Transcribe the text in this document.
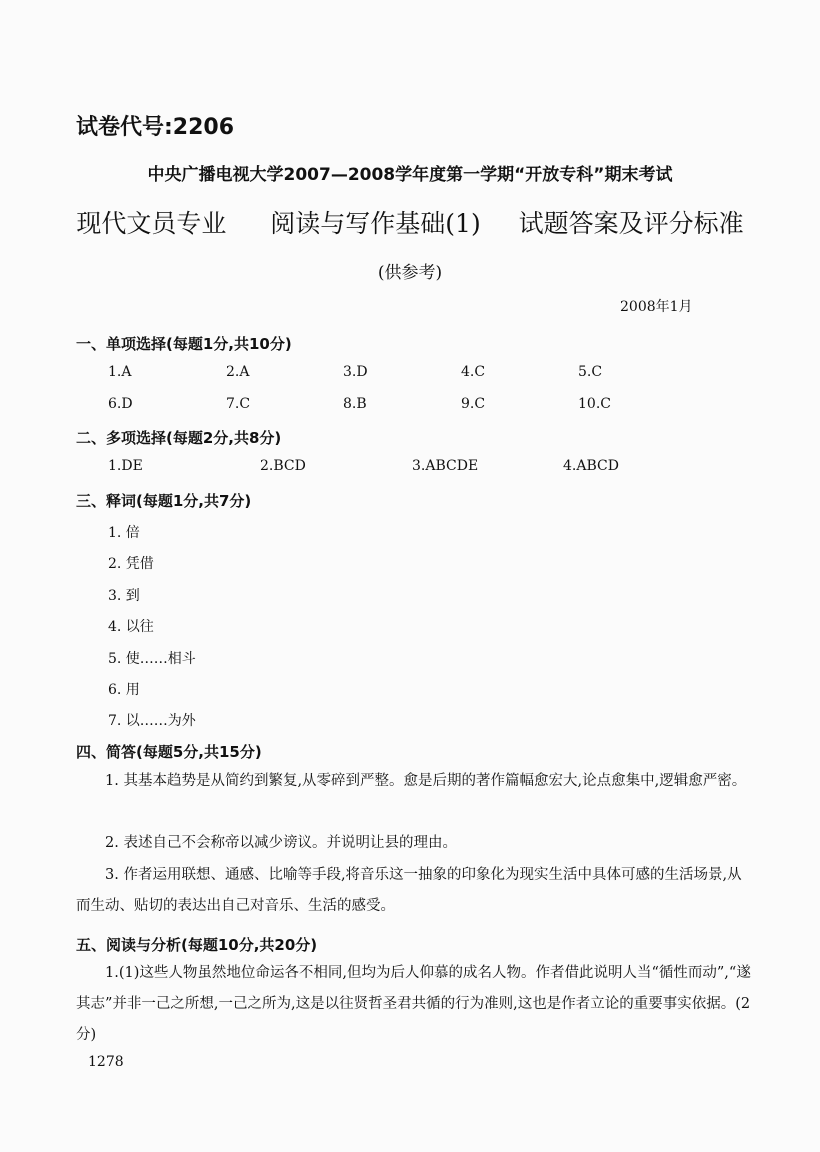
试卷代号:2206
中央广播电视大学2007—2008学年度第一学期“开放专科”期末考试
现代文员专业 阅读与写作基础(1) 试题答案及评分标准
(供参考)
2008年1月
一、单项选择(每题1分,共10分)
1.A	2.A	3.D	4.C	5.C
6.D	7.C	8.B	9.C	10.C
二、多项选择(每题2分,共8分)
1.DE	2.BCD	3.ABCDE	4.ABCD
三、释词(每题1分,共7分)
1. 倍
2. 凭借
3. 到
4. 以往
5. 使……相斗
6. 用
7. 以……为外
四、简答(每题5分,共15分)
1. 其基本趋势是从简约到繁复,从零碎到严整。愈是后期的著作篇幅愈宏大,论点愈集中,逻辑愈严密。
2. 表述自己不会称帝以减少谤议。并说明让县的理由。
3. 作者运用联想、通感、比喻等手段,将音乐这一抽象的印象化为现实生活中具体可感的生活场景,从而生动、贴切的表达出自己对音乐、生活的感受。
五、阅读与分析(每题10分,共20分)
1.(1)这些人物虽然地位命运各不相同,但均为后人仰慕的成名人物。作者借此说明人当“循性而动”,“遂其志”并非一己之所想,一己之所为,这是以往贤哲圣君共循的行为准则,这也是作者立论的重要事实依据。(2分)
1278
